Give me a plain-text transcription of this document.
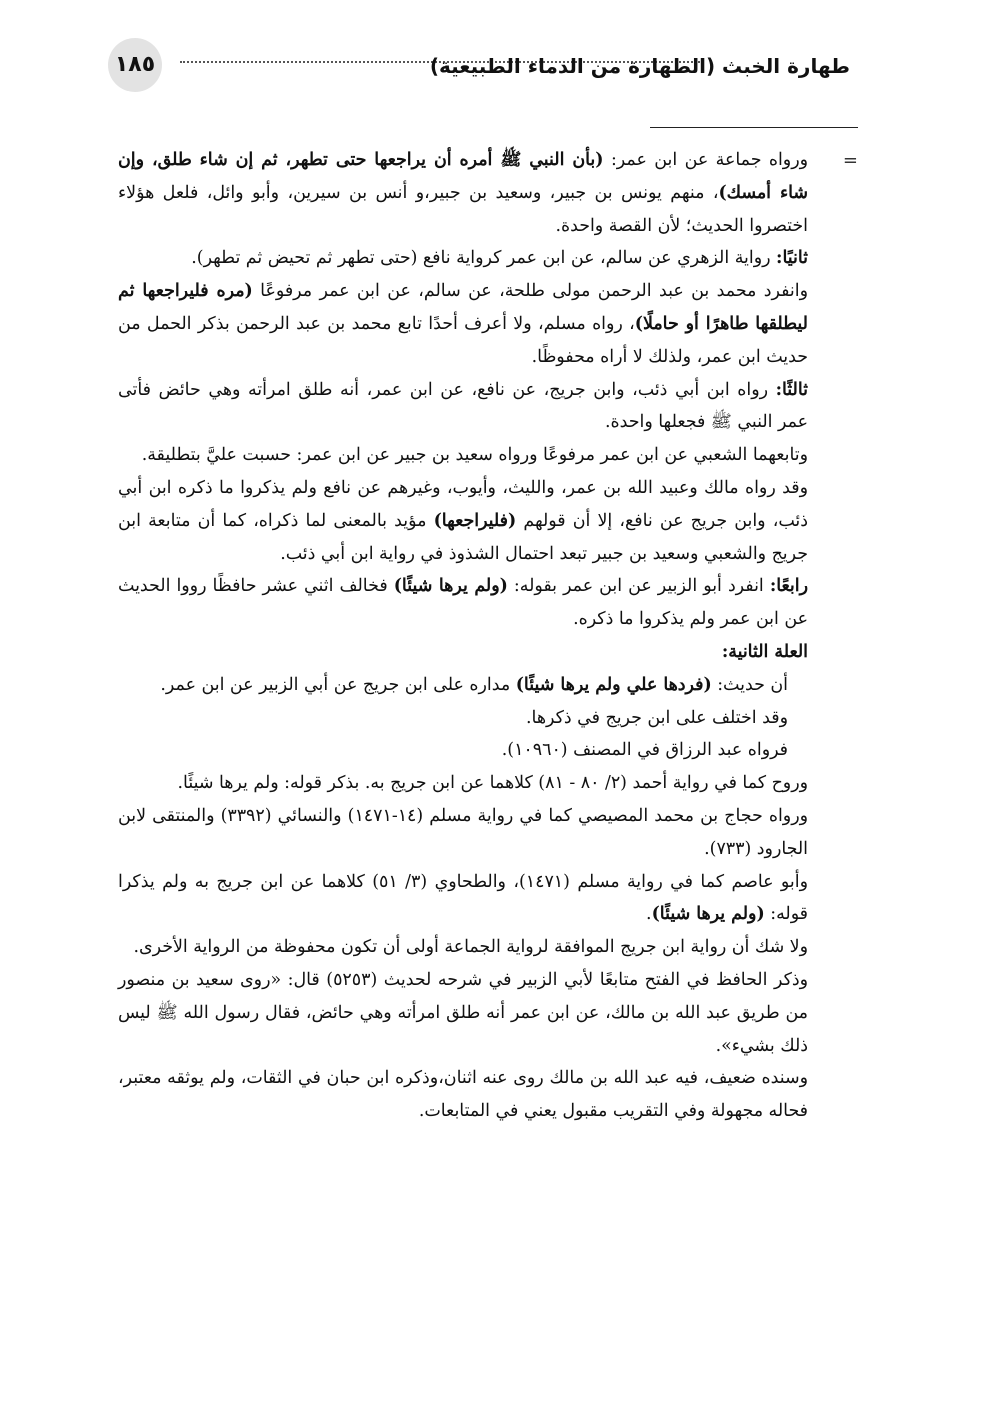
١٨٥	طهارة الخبث (الطهارة من الدماء الطبيعية)
=

ورواه جماعة عن ابن عمر: (بأن النبي ﷺ أمره أن يراجعها حتى تطهر، ثم إن شاء طلق، وإن شاء أمسك)، منهم يونس بن جبير، وسعيد بن جبير،و أنس بن سيرين، وأبو وائل، فلعل هؤلاء اختصروا الحديث؛ لأن القصة واحدة.

ثانيًا: رواية الزهري عن سالم، عن ابن عمر كرواية نافع (حتى تطهر ثم تحيض ثم تطهر).

وانفرد محمد بن عبد الرحمن مولى طلحة، عن سالم، عن ابن عمر مرفوعًا (مره فليراجعها ثم ليطلقها طاهرًا أو حاملًا)، رواه مسلم، ولا أعرف أحدًا تابع محمد بن عبد الرحمن بذكر الحمل من حديث ابن عمر، ولذلك لا أراه محفوظًا.

ثالثًا: رواه ابن أبي ذئب، وابن جريج، عن نافع، عن ابن عمر، أنه طلق امرأته وهي حائض فأتى عمر النبي ﷺ فجعلها واحدة.

وتابعهما الشعبي عن ابن عمر مرفوعًا ورواه سعيد بن جبير عن ابن عمر: حسبت عليَّ بتطليقة.

وقد رواه مالك وعبيد الله بن عمر، والليث، وأيوب، وغيرهم عن نافع ولم يذكروا ما ذكره ابن أبي ذئب، وابن جريج عن نافع، إلا أن قولهم (فليراجعها) مؤيد بالمعنى لما ذكراه، كما أن متابعة ابن جريج والشعبي وسعيد بن جبير تبعد احتمال الشذوذ في رواية ابن أبي ذئب.

رابعًا: انفرد أبو الزبير عن ابن عمر بقوله: (ولم يرها شيئًا) فخالف اثني عشر حافظًا رووا الحديث عن ابن عمر ولم يذكروا ما ذكره.

العلة الثانية:

أن حديث: (فردها علي ولم يرها شيئًا) مداره على ابن جريج عن أبي الزبير عن ابن عمر.

وقد اختلف على ابن جريج في ذكرها.

فرواه عبد الرزاق في المصنف (١٠٩٦٠).

وروح كما في رواية أحمد (٢/ ٨٠ - ٨١) كلاهما عن ابن جريج به. بذكر قوله: ولم يرها شيئًا.

ورواه حجاج بن محمد المصيصي كما في رواية مسلم (١٤-١٤٧١) والنسائي (٣٣٩٢) والمنتقى لابن الجارود (٧٣٣).

وأبو عاصم كما في رواية مسلم (١٤٧١)، والطحاوي (٣/ ٥١) كلاهما عن ابن جريج به ولم يذكرا قوله: (ولم يرها شيئًا).

ولا شك أن رواية ابن جريج الموافقة لرواية الجماعة أولى أن تكون محفوظة من الرواية الأخرى.

وذكر الحافظ في الفتح متابعًا لأبي الزبير في شرحه لحديث (٥٢٥٣) قال: «روى سعيد بن منصور من طريق عبد الله بن مالك، عن ابن عمر أنه طلق امرأته وهي حائض، فقال رسول الله ﷺ ليس ذلك بشيء».

وسنده ضعيف، فيه عبد الله بن مالك روى عنه اثنان،وذكره ابن حبان في الثقات، ولم يوثقه معتبر، فحاله مجهولة وفي التقريب مقبول يعني في المتابعات.
